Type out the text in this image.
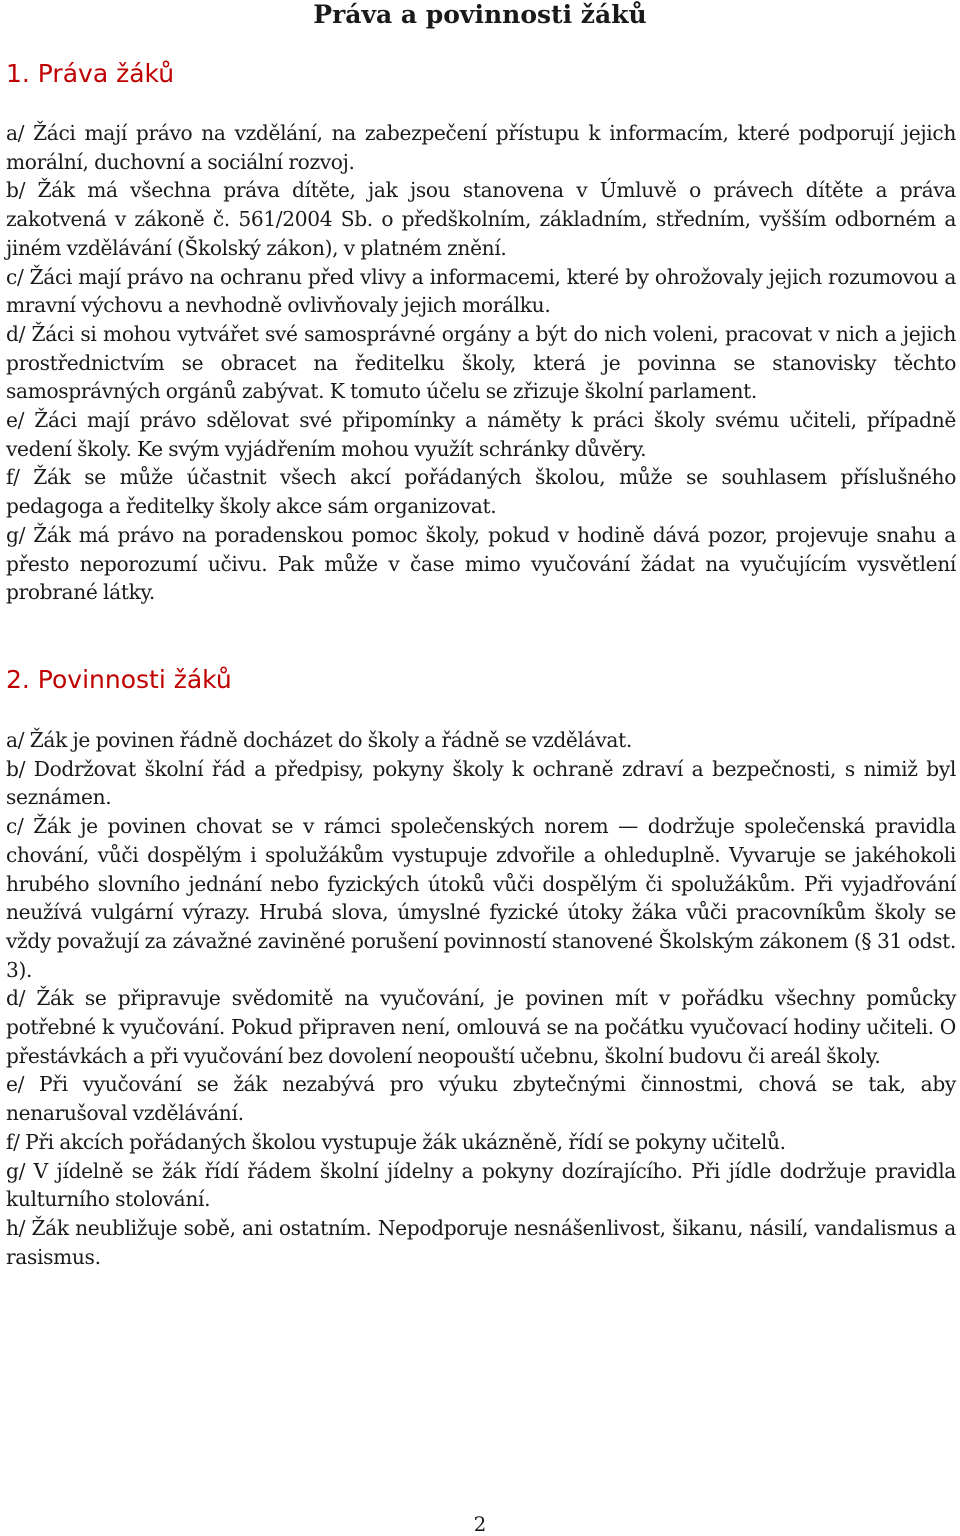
Práva a povinnosti žáků
1. Práva žáků

a/ Žáci mají právo na vzdělání, na zabezpečení přístupu k informacím, které podporují jejich morální, duchovní a sociální rozvoj.

b/ Žák má všechna práva dítěte, jak jsou stanovena v Úmluvě o právech dítěte a práva zakotvená v zákoně č. 561/2004 Sb. o předškolním, základním, středním, vyšším odborném a jiném vzdělávání (Školský zákon), v platném znění.

c/ Žáci mají právo na ochranu před vlivy a informacemi, které by ohrožovaly jejich rozumovou a mravní výchovu a nevhodně ovlivňovaly jejich morálku.

d/ Žáci si mohou vytvářet své samosprávné orgány a být do nich voleni, pracovat v nich a jejich prostřednictvím se obracet na ředitelku školy, která je povinna se stanovisky těchto samosprávných orgánů zabývat. K tomuto účelu se zřizuje školní parlament.

e/ Žáci mají právo sdělovat své připomínky a náměty k práci školy svému učiteli, případně vedení školy. Ke svým vyjádřením mohou využít schránky důvěry.

f/ Žák se může účastnit všech akcí pořádaných školou, může se souhlasem příslušného pedagoga a ředitelky školy akce sám organizovat.

g/ Žák má právo na poradenskou pomoc školy, pokud v hodině dává pozor, projevuje snahu a přesto neporozumí učivu. Pak může v čase mimo vyučování žádat na vyučujícím vysvětlení probrané látky.

2. Povinnosti žáků

a/ Žák je povinen řádně docházet do školy a řádně se vzdělávat.

b/ Dodržovat školní řád a předpisy, pokyny školy k ochraně zdraví a bezpečnosti, s nimiž byl seznámen.

c/ Žák je povinen chovat se v rámci společenských norem — dodržuje společenská pravidla chování, vůči dospělým i spolužákům vystupuje zdvořile a ohleduplně. Vyvaruje se jakéhokoli hrubého slovního jednání nebo fyzických útoků vůči dospělým či spolužákům. Při vyjadřování neužívá vulgární výrazy. Hrubá slova, úmyslné fyzické útoky žáka vůči pracovníkům školy se vždy považují za závažné zaviněné porušení povinností stanovené Školským zákonem (§ 31 odst. 3).

d/ Žák se připravuje svědomitě na vyučování, je povinen mít v pořádku všechny pomůcky potřebné k vyučování. Pokud připraven není, omlouvá se na počátku vyučovací hodiny učiteli. O přestávkách a při vyučování bez dovolení neopouští učebnu, školní budovu či areál školy.

e/ Při vyučování se žák nezabývá pro výuku zbytečnými činnostmi, chová se tak, aby nenarušoval vzdělávání.

f/ Při akcích pořádaných školou vystupuje žák ukázněně, řídí se pokyny učitelů.

g/ V jídelně se žák řídí řádem školní jídelny a pokyny dozírajícího. Při jídle dodržuje pravidla kulturního stolování.

h/ Žák neubližuje sobě, ani ostatním. Nepodporuje nesnášenlivost, šikanu, násilí, vandalismus a rasismus.

2
